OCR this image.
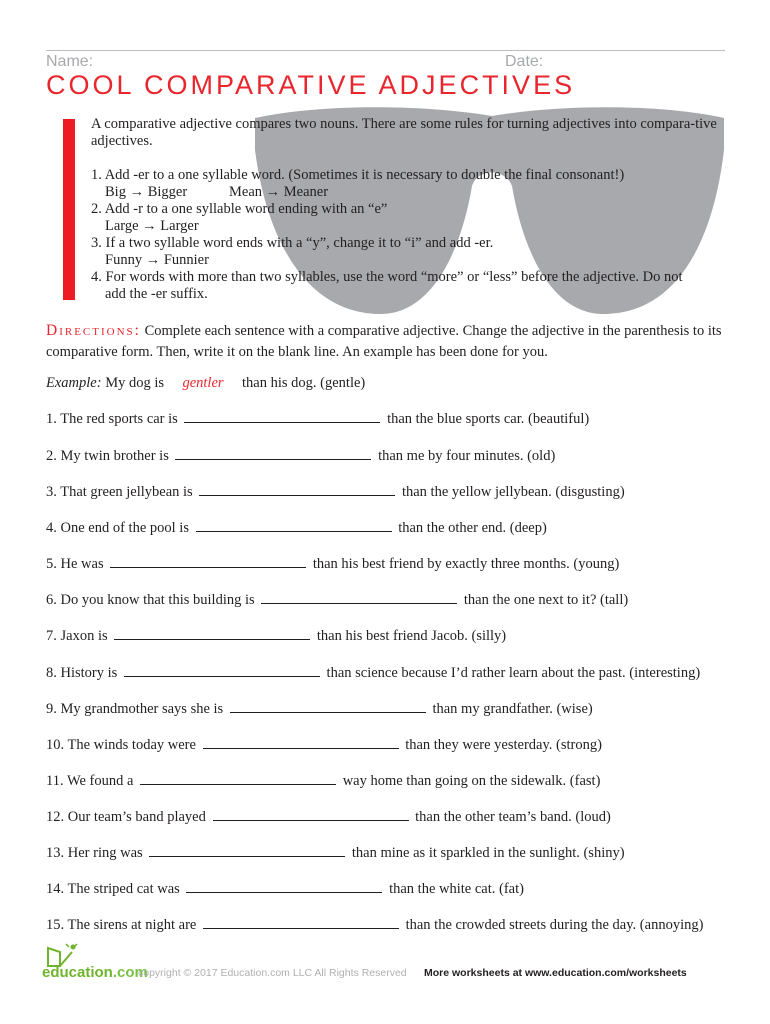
Name:	Date:
COOL COMPARATIVE ADJECTIVES

A comparative adjective compares two nouns. There are some rules for turning adjectives into compara-tive adjectives.

1. Add -er to a one syllable word. (Sometimes it is necessary to double the final consonant!)
Big → Bigger	Mean → Meaner
2. Add -r to a one syllable word ending with an “e”
Large → Larger
3. If a two syllable word ends with a “y”, change it to “i” and add -er.
Funny → Funnier
4. For words with more than two syllables, use the word “more” or “less” before the adjective. Do not
add the -er suffix.
Directions: Complete each sentence with a comparative adjective. Change the adjective in the parenthesis to its comparative form. Then, write it on the blank line. An example has been done for you.
Example: My dog is gentler than his dog. (gentle)
1. The red sports car is	than the blue sports car. (beautiful)
2. My twin brother is	than me by four minutes. (old)
3. That green jellybean is	than the yellow jellybean. (disgusting)
4. One end of the pool is	than the other end. (deep)
5. He was	than his best friend by exactly three months. (young)
6. Do you know that this building is	than the one next to it? (tall)
7. Jaxon is	than his best friend Jacob. (silly)
8. History is	than science because I’d rather learn about the past. (interesting)
9. My grandmother says she is	than my grandfather. (wise)
10. The winds today were	than they were yesterday. (strong)
11. We found a	way home than going on the sidewalk. (fast)
12. Our team’s band played	than the other team’s band. (loud)
13. Her ring was	than mine as it sparkled in the sunlight. (shiny)
14. The striped cat was	than the white cat. (fat)
15. The sirens at night are	than the crowded streets during the day. (annoying)
education.com
copyright © 2017 Education.com LLC All Rights Reserved More worksheets at www.education.com/worksheets
